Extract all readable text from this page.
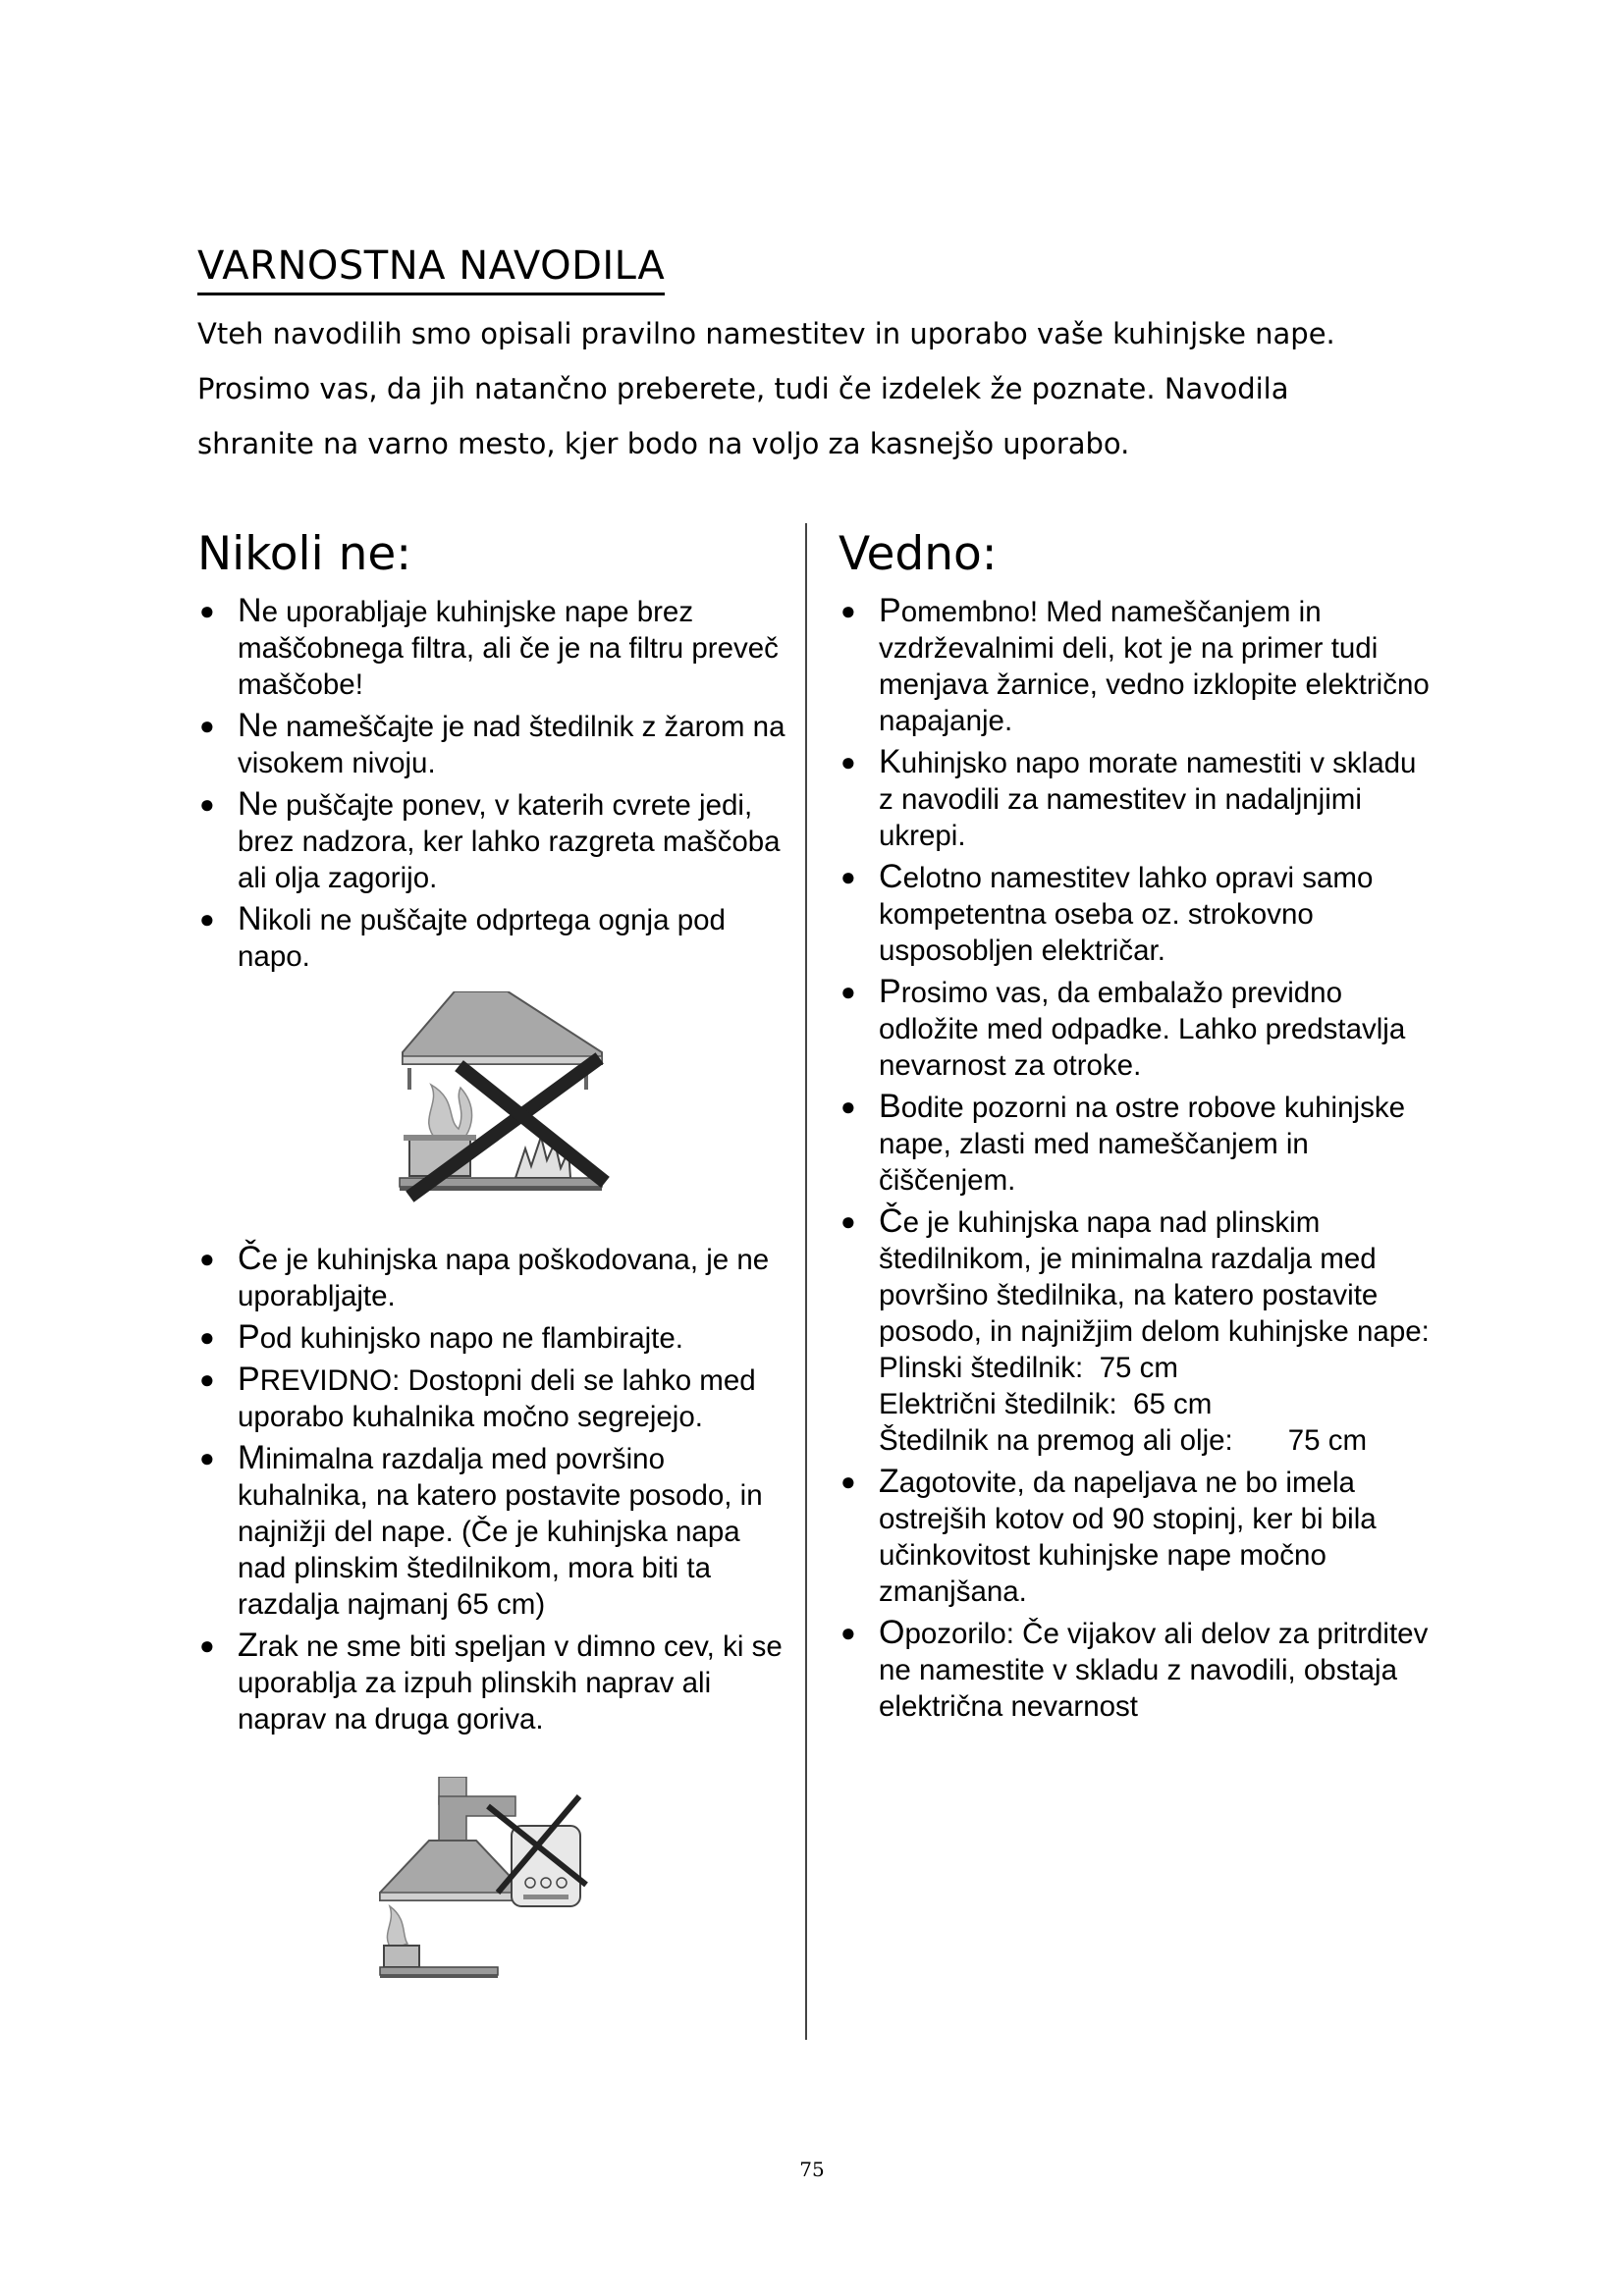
VARNOSTNA NAVODILA

Vteh navodilih smo opisali pravilno namestitev in uporabo vaše kuhinjske nape.

Prosimo vas, da jih natančno preberete, tudi če izdelek že poznate. Navodila

shranite na varno mesto, kjer bodo na voljo za kasnejšo uporabo.

Nikoli ne:
● Ne uporabljaje kuhinjske nape brez maščobnega filtra, ali če je na filtru preveč maščobe!
● Ne nameščajte je nad štedilnik z žarom na visokem nivoju.
● Ne puščajte ponev, v katerih cvrete jedi, brez nadzora, ker lahko razgreta maščoba ali olja zagorijo.
● Nikoli ne puščajte odprtega ognja pod napo.
● Če je kuhinjska napa poškodovana, je ne uporabljajte.
● Pod kuhinjsko napo ne flambirajte.
● PREVIDNO: Dostopni deli se lahko med uporabo kuhalnika močno segrejejo.
● Minimalna razdalja med površino kuhalnika, na katero postavite posodo, in najnižji del nape. (Če je kuhinjska napa nad plinskim štedilnikom, mora biti ta razdalja najmanj 65 cm)
● Zrak ne sme biti speljan v dimno cev, ki se uporablja za izpuh plinskih naprav ali naprav na druga goriva.
Vedno:
● Pomembno! Med nameščanjem in vzdrževalnimi deli, kot je na primer tudi menjava žarnice, vedno izklopite električno napajanje.
● Kuhinjsko napo morate namestiti v skladu z navodili za namestitev in nadaljnjimi ukrepi.
● Celotno namestitev lahko opravi samo kompetentna oseba oz. strokovno usposobljen električar.
● Prosimo vas, da embalažo previdno odložite med odpadke. Lahko predstavlja nevarnost za otroke.
● Bodite pozorni na ostre robove kuhinjske nape, zlasti med nameščanjem in čiščenjem.
● Če je kuhinjska napa nad plinskim štedilnikom, je minimalna razdalja med površino štedilnika, na katero postavite posodo, in najnižjim delom kuhinjske nape:
Plinski štedilnik: 75 cm
Električni štedilnik: 65 cm
Štedilnik na premog ali olje: 75 cm
● Zagotovite, da napeljava ne bo imela ostrejših kotov od 90 stopinj, ker bi bila učinkovitost kuhinjske nape močno zmanjšana.
● Opozorilo: Če vijakov ali delov za pritrditev ne namestite v skladu z navodili, obstaja električna nevarnost
75
